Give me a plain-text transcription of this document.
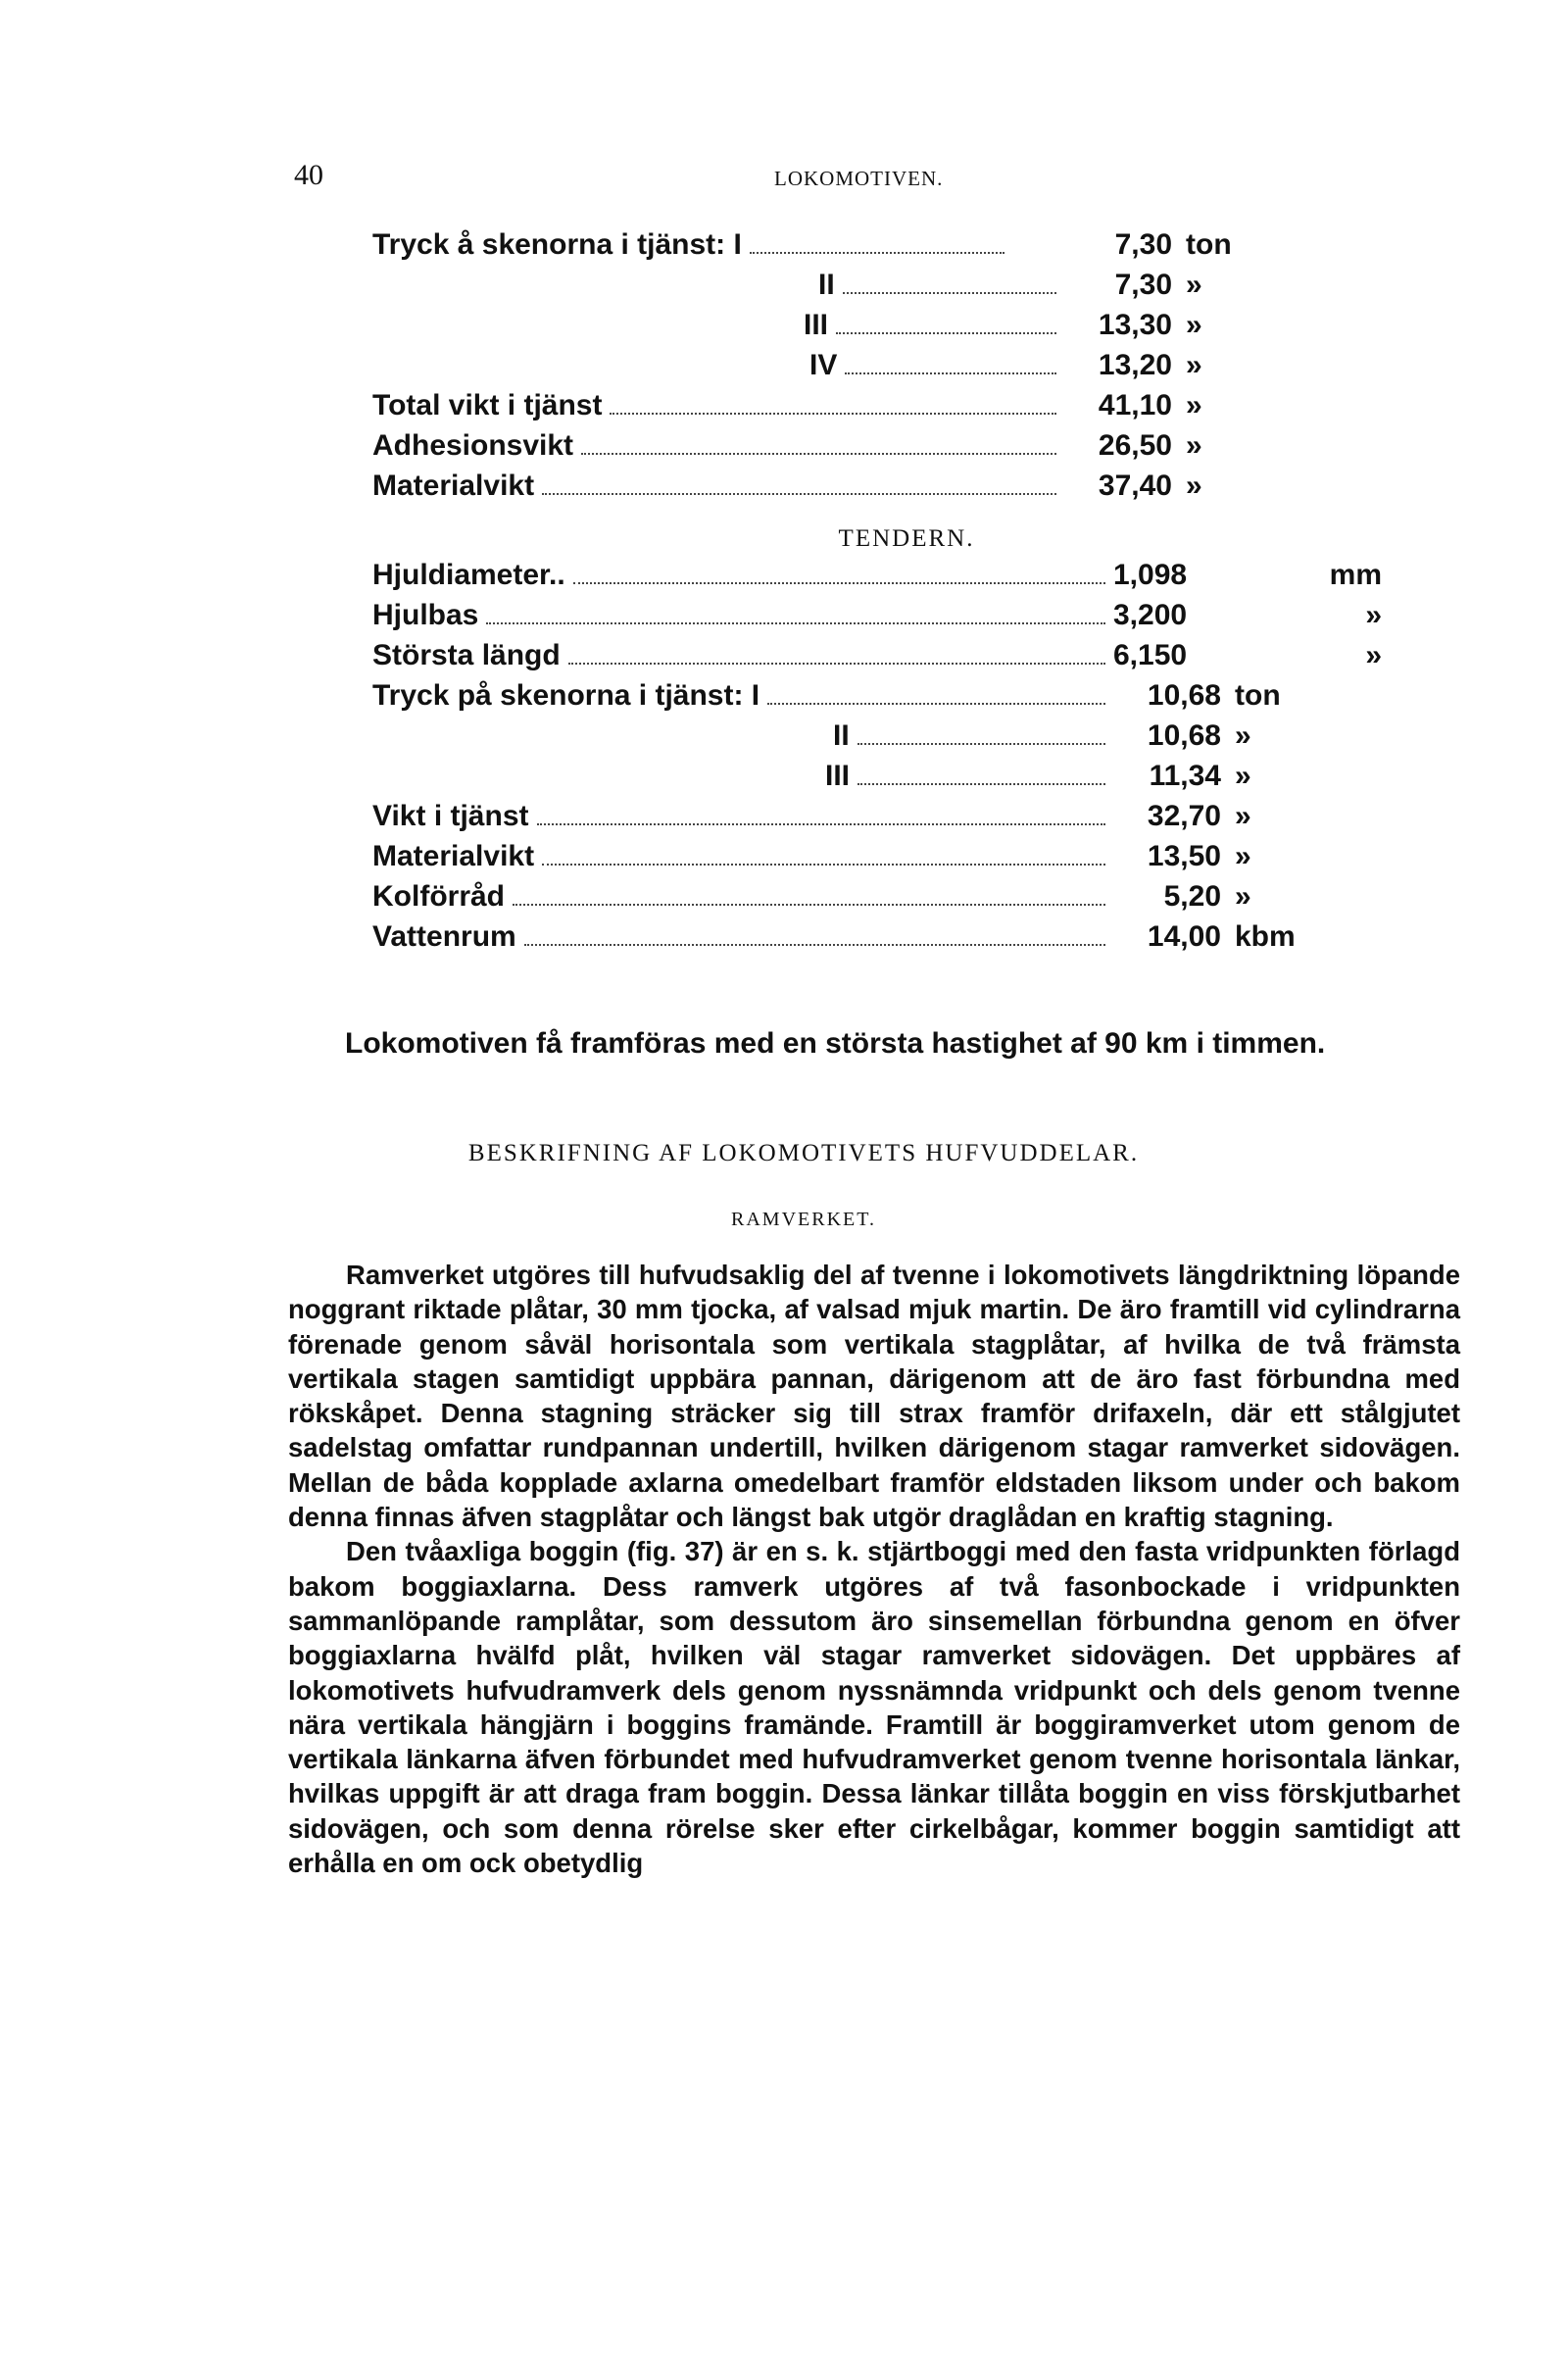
40	LOKOMOTIVEN.
Tryck å skenorna i tjänst: I	7,30 ton
II	7,30 »
III	13,30 »
IV	13,20 »
Total vikt i tjänst	41,10 »
Adhesionsvikt	26,50 »
Materialvikt	37,40 »
TENDERN.
Hjuldiameter..	1,098	mm
Hjulbas	3,200	»
Största längd	6,150	»
Tryck på skenorna i tjänst: I	10,68 ton
II	10,68 »
III	11,34 »
Vikt i tjänst	32,70 »
Materialvikt	13,50 »
Kolförråd	5,20 »
Vattenrum	14,00 kbm
Lokomotiven få framföras med en största hastighet af 90 km i timmen.
BESKRIFNING AF LOKOMOTIVETS HUFVUDDELAR.
RAMVERKET.

Ramverket utgöres till hufvudsaklig del af tvenne i lokomotivets längdriktning löpande noggrant riktade plåtar, 30 mm tjocka, af valsad mjuk martin. De äro framtill vid cylindrarna förenade genom såväl horisontala som vertikala stagplåtar, af hvilka de två främsta vertikala stagen samtidigt uppbära pannan, därigenom att de äro fast förbundna med rökskåpet. Denna stagning sträcker sig till strax framför drifaxeln, där ett stålgjutet sadelstag omfattar rundpannan undertill, hvilken därigenom stagar ramverket sidovägen. Mellan de båda kopplade axlarna omedelbart framför eldstaden liksom under och bakom denna finnas äfven stagplåtar och längst bak utgör draglådan en kraftig stagning.

Den tvåaxliga boggin (fig. 37) är en s. k. stjärtboggi med den fasta vridpunkten förlagd bakom boggiaxlarna. Dess ramverk utgöres af två fasonbockade i vridpunkten sammanlöpande ramplåtar, som dessutom äro sinsemellan förbundna genom en öfver boggiaxlarna hvälfd plåt, hvilken väl stagar ramverket sidovägen. Det uppbäres af lokomotivets hufvudramverk dels genom nyssnämnda vridpunkt och dels genom tvenne nära vertikala hängjärn i boggins framände. Framtill är boggiramverket utom genom de vertikala länkarna äfven förbundet med hufvudramverket genom tvenne horisontala länkar, hvilkas uppgift är att draga fram boggin. Dessa länkar tillåta boggin en viss förskjutbarhet sidovägen, och som denna rörelse sker efter cirkelbågar, kommer boggin samtidigt att erhålla en om ock obetydlig
